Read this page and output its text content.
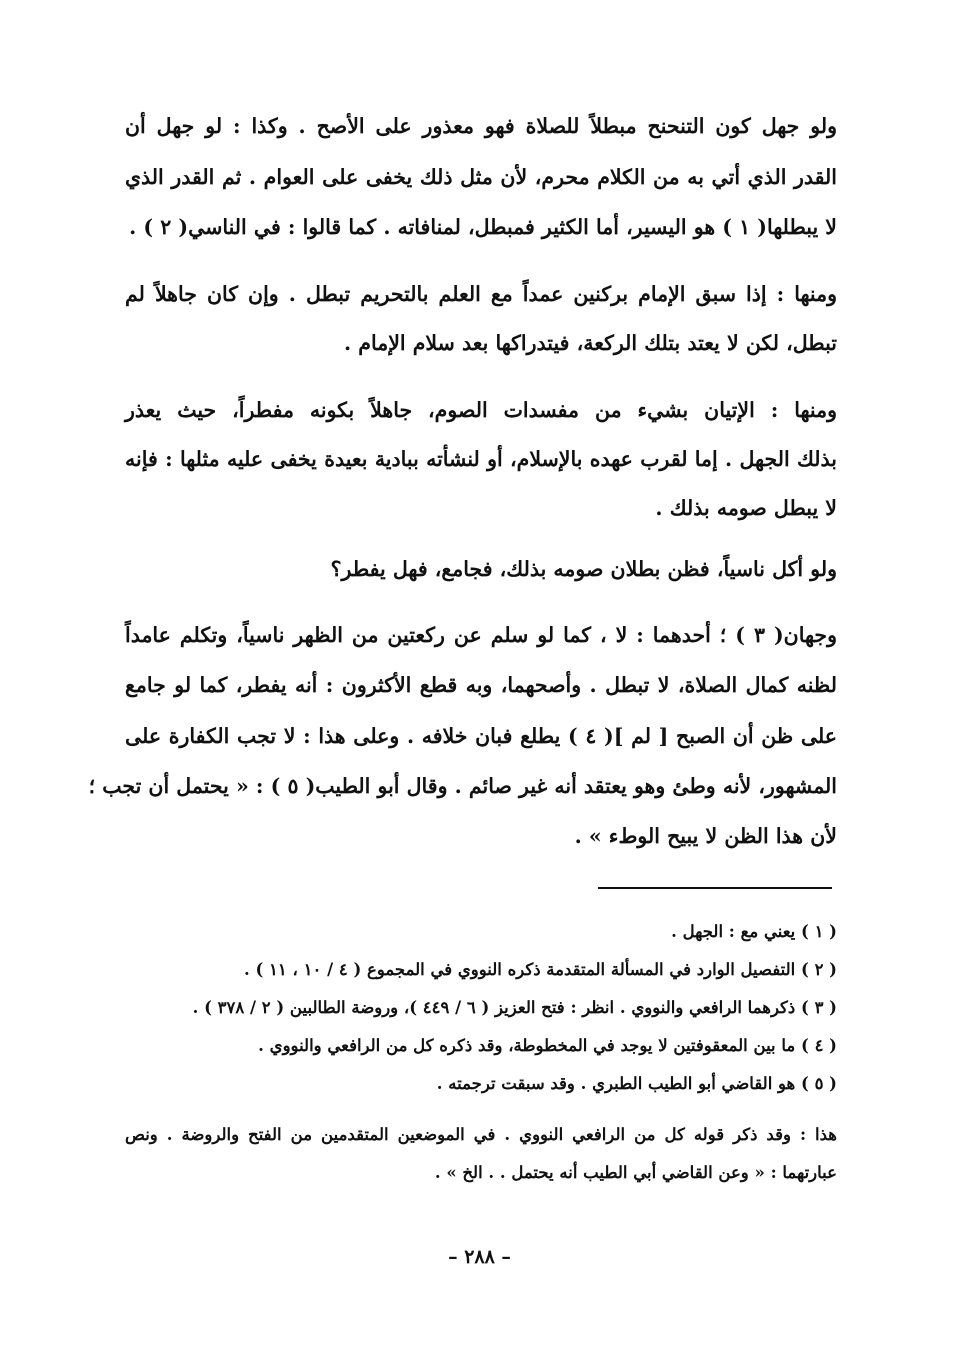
ولو جهل كون التنحنح مبطلاً للصلاة فهو معذور على الأصح . وكذا : لو جهل أن
القدر الذي أتي به من الكلام محرم، لأن مثل ذلك يخفى على العوام . ثم القدر الذي
لا يبطلها( ١ ) هو اليسير، أما الكثير فمبطل، لمنافاته . كما قالوا : في الناسي( ٢ ) .
ومنها : إذا سبق الإمام بركنين عمداً مع العلم بالتحريم تبطل . وإن كان جاهلاً لم
تبطل، لكن لا يعتد بتلك الركعة، فيتدراكها بعد سلام الإمام .
ومنها : الإتيان بشيء من مفسدات الصوم، جاهلاً بكونه مفطراً، حيث يعذر
بذلك الجهل . إما لقرب عهده بالإسلام، أو لنشأته ببادية بعيدة يخفى عليه مثلها : فإنه
لا يبطل صومه بذلك .
ولو أكل ناسياً، فظن بطلان صومه بذلك، فجامع، فهل يفطر؟
وجهان( ٣ ) ؛ أحدهما : لا ، كما لو سلم عن ركعتين من الظهر ناسياً، وتكلم عامداً
لظنه كمال الصلاة، لا تبطل . وأصحهما، وبه قطع الأكثرون : أنه يفطر، كما لو جامع
على ظن أن الصبح [ لم ]( ٤ ) يطلع فبان خلافه . وعلى هذا : لا تجب الكفارة على
المشهور، لأنه وطئ وهو يعتقد أنه غير صائم . وقال أبو الطيب( ٥ ) : « يحتمل أن تجب ؛
لأن هذا الظن لا يبيح الوطء » .
( ١ ) يعني مع : الجهل .
( ٢ ) التفصيل الوارد في المسألة المتقدمة ذكره النووي في المجموع ( ٤ / ١٠ ، ١١ ) .
( ٣ ) ذكرهما الرافعي والنووي . انظر : فتح العزيز ( ٦ / ٤٤٩ )، وروضة الطالبين ( ٢ / ٣٧٨ ) .
( ٤ ) ما بين المعقوفتين لا يوجد في المخطوطة، وقد ذكره كل من الرافعي والنووي .
( ٥ ) هو القاضي أبو الطيب الطبري . وقد سبقت ترجمته .
هذا : وقد ذكر قوله كل من الرافعي النووي . في الموضعين المتقدمين من الفتح والروضة . ونص
عبارتهما : « وعن القاضي أبي الطيب أنه يحتمل . . الخ » .
– ٢٨٨ –
